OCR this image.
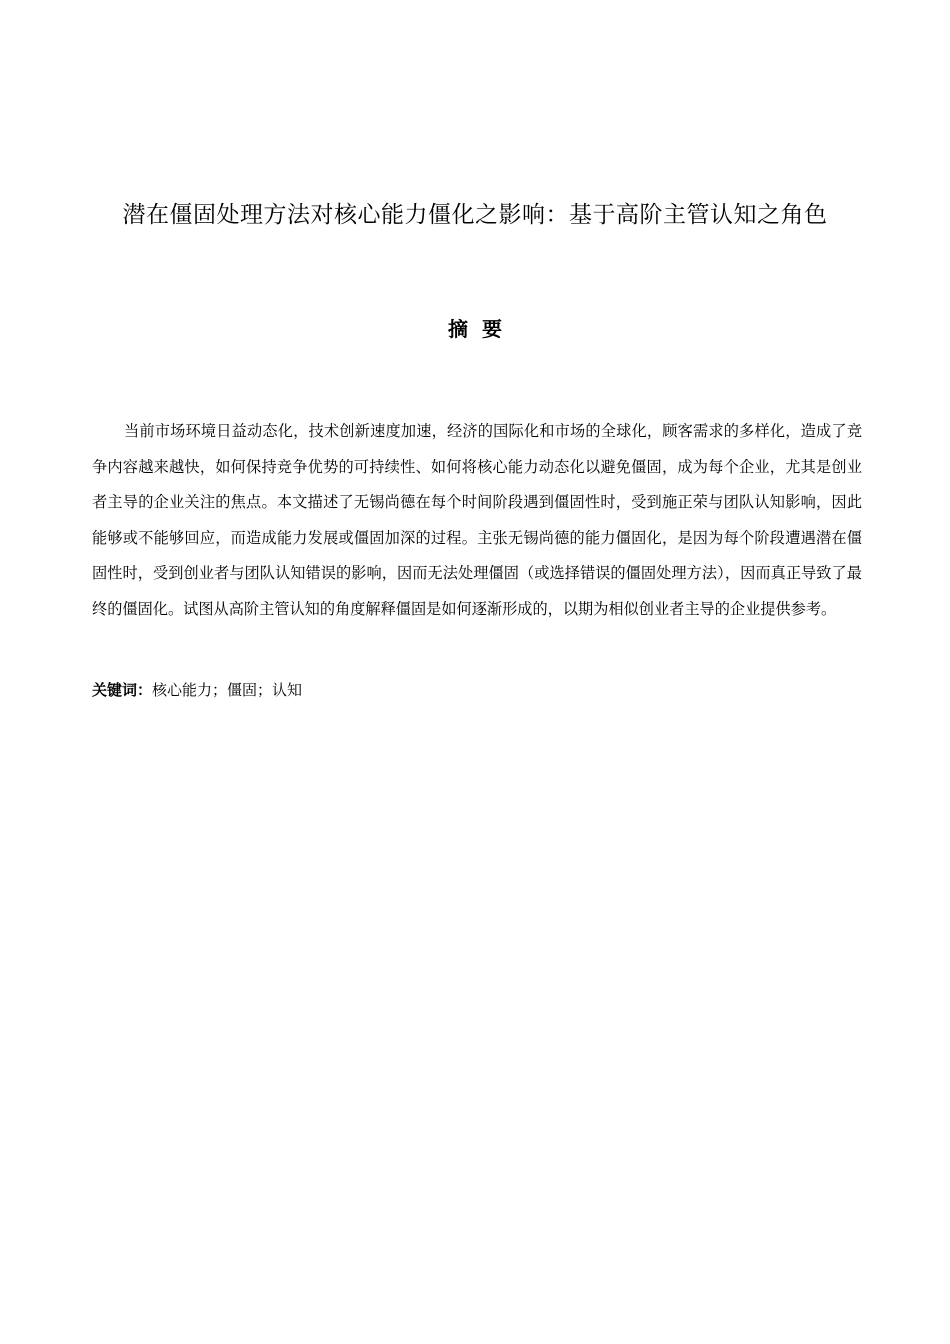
潜在僵固处理方法对核心能力僵化之影响：基于高阶主管认知之角色
摘要

当前市场环境日益动态化，技术创新速度加速，经济的国际化和市场的全球化，顾客需求的多样化，造成了竞争内容越来越快，如何保持竞争优势的可持续性、如何将核心能力动态化以避免僵固，成为每个企业，尤其是创业者主导的企业关注的焦点。本文描述了无锡尚德在每个时间阶段遇到僵固性时，受到施正荣与团队认知影响，因此能够或不能够回应，而造成能力发展或僵固加深的过程。主张无锡尚德的能力僵固化，是因为每个阶段遭遇潜在僵固性时，受到创业者与团队认知错误的影响，因而无法处理僵固（或选择错误的僵固处理方法），因而真正导致了最终的僵固化。试图从高阶主管认知的角度解释僵固是如何逐渐形成的，以期为相似创业者主导的企业提供参考。

关键词：核心能力；僵固；认知
